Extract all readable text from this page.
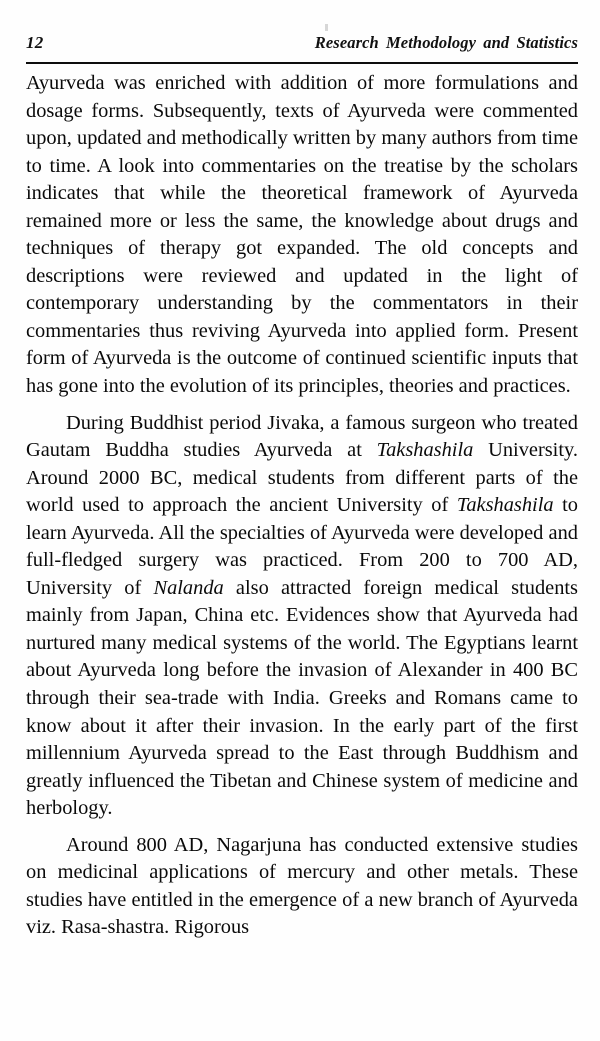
12	Research Methodology and Statistics

Ayurveda was enriched with addition of more formulations and dosage forms. Subsequently, texts of Ayurveda were commented upon, updated and methodically written by many authors from time to time. A look into commentaries on the treatise by the scholars indicates that while the theoretical framework of Ayurveda remained more or less the same, the knowledge about drugs and techniques of therapy got expanded. The old concepts and descriptions were reviewed and updated in the light of contemporary understanding by the commentators in their commentaries thus reviving Ayurveda into applied form. Present form of Ayurveda is the outcome of continued scientific inputs that has gone into the evolution of its principles, theories and practices.

During Buddhist period Jivaka, a famous surgeon who treated Gautam Buddha studies Ayurveda at Takshashila University. Around 2000 BC, medical students from different parts of the world used to approach the ancient University of Takshashila to learn Ayurveda. All the specialties of Ayurveda were developed and full-fledged surgery was practiced. From 200 to 700 AD, University of Nalanda also attracted foreign medical students mainly from Japan, China etc. Evidences show that Ayurveda had nurtured many medical systems of the world. The Egyptians learnt about Ayurveda long before the invasion of Alexander in 400 BC through their sea-trade with India. Greeks and Romans came to know about it after their invasion. In the early part of the first millennium Ayurveda spread to the East through Buddhism and greatly influenced the Tibetan and Chinese system of medicine and herbology.

Around 800 AD, Nagarjuna has conducted extensive studies on medicinal applications of mercury and other metals. These studies have entitled in the emergence of a new branch of Ayurveda viz. Rasa-shastra. Rigorous
